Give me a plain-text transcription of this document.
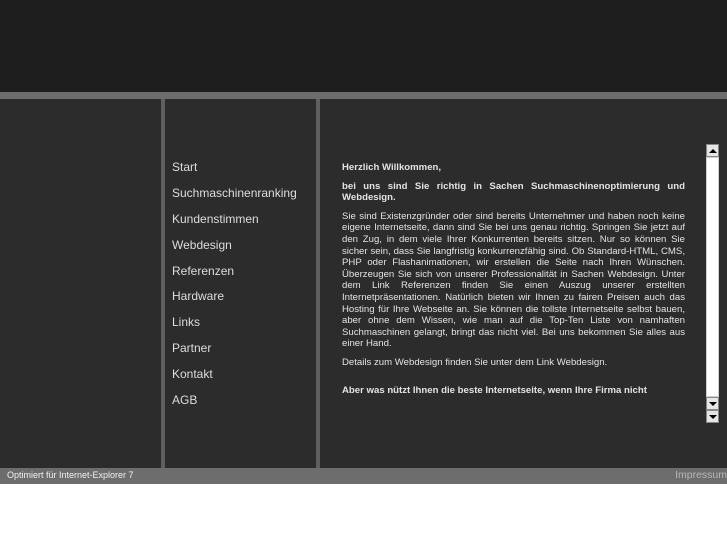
Start
Suchmaschinenranking
Kundenstimmen
Webdesign
Referenzen
Hardware
Links
Partner
Kontakt
AGB

Herzlich Willkommen,

bei uns sind Sie richtig in Sachen Suchmaschinenoptimierung und Webdesign.

Sie sind Existenzgründer oder sind bereits Unternehmer und haben noch keine eigene Internetseite, dann sind Sie bei uns genau richtig. Springen Sie jetzt auf den Zug, in dem viele Ihrer Konkurrenten bereits sitzen. Nur so können Sie sicher sein, dass Sie langfristig konkurrenzfähig sind. Ob Standard-HTML, CMS, PHP oder Flashanimationen, wir erstellen die Seite nach Ihren Wünschen. Überzeugen Sie sich von unserer Professionalität in Sachen Webdesign. Unter dem Link Referenzen finden Sie einen Auszug unserer erstellten Internetpräsentationen. Natürlich bieten wir Ihnen zu fairen Preisen auch das Hosting für Ihre Webseite an. Sie können die tollste Internetseite selbst bauen, aber ohne dem Wissen, wie man auf die Top-Ten Liste von namhaften Suchmaschinen gelangt, bringt das nicht viel. Bei uns bekommen Sie alles aus einer Hand.

Details zum Webdesign finden Sie unter dem Link Webdesign.

Aber was nützt Ihnen die beste Internetseite, wenn Ihre Firma nicht

Optimiert für Internet-Explorer 7	Impressum
